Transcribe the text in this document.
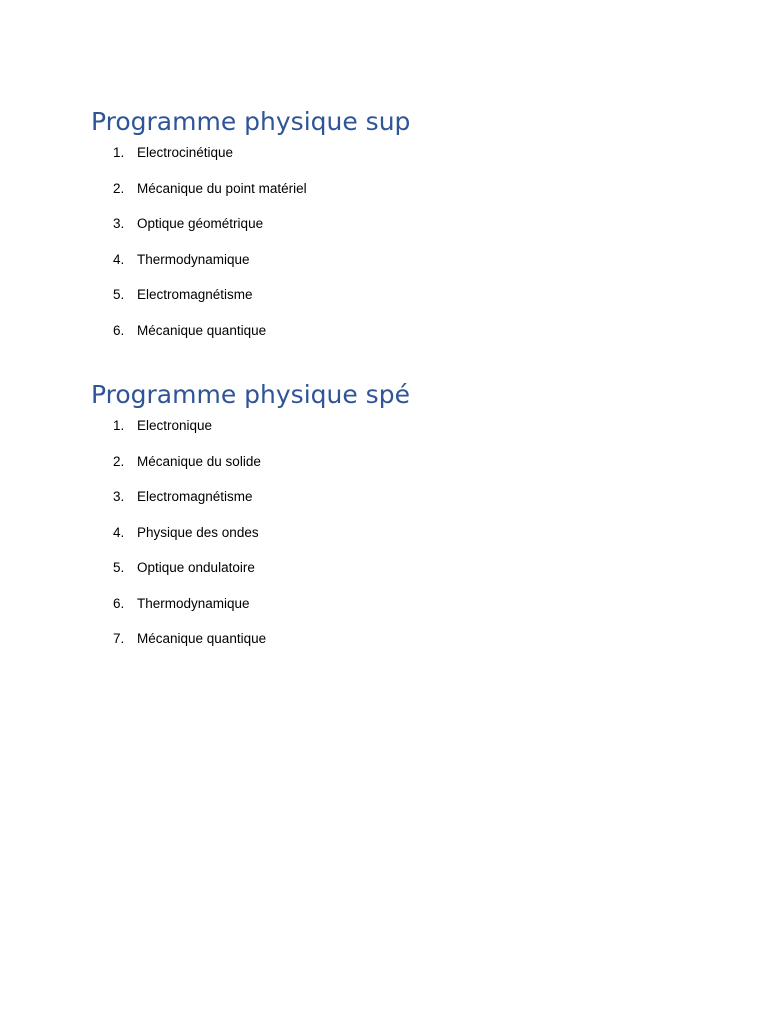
Programme physique sup
1. Electrocinétique
2. Mécanique du point matériel
3. Optique géométrique
4. Thermodynamique
5. Electromagnétisme
6. Mécanique quantique
Programme physique spé
1. Electronique
2. Mécanique du solide
3. Electromagnétisme
4. Physique des ondes
5. Optique ondulatoire
6. Thermodynamique
7. Mécanique quantique
